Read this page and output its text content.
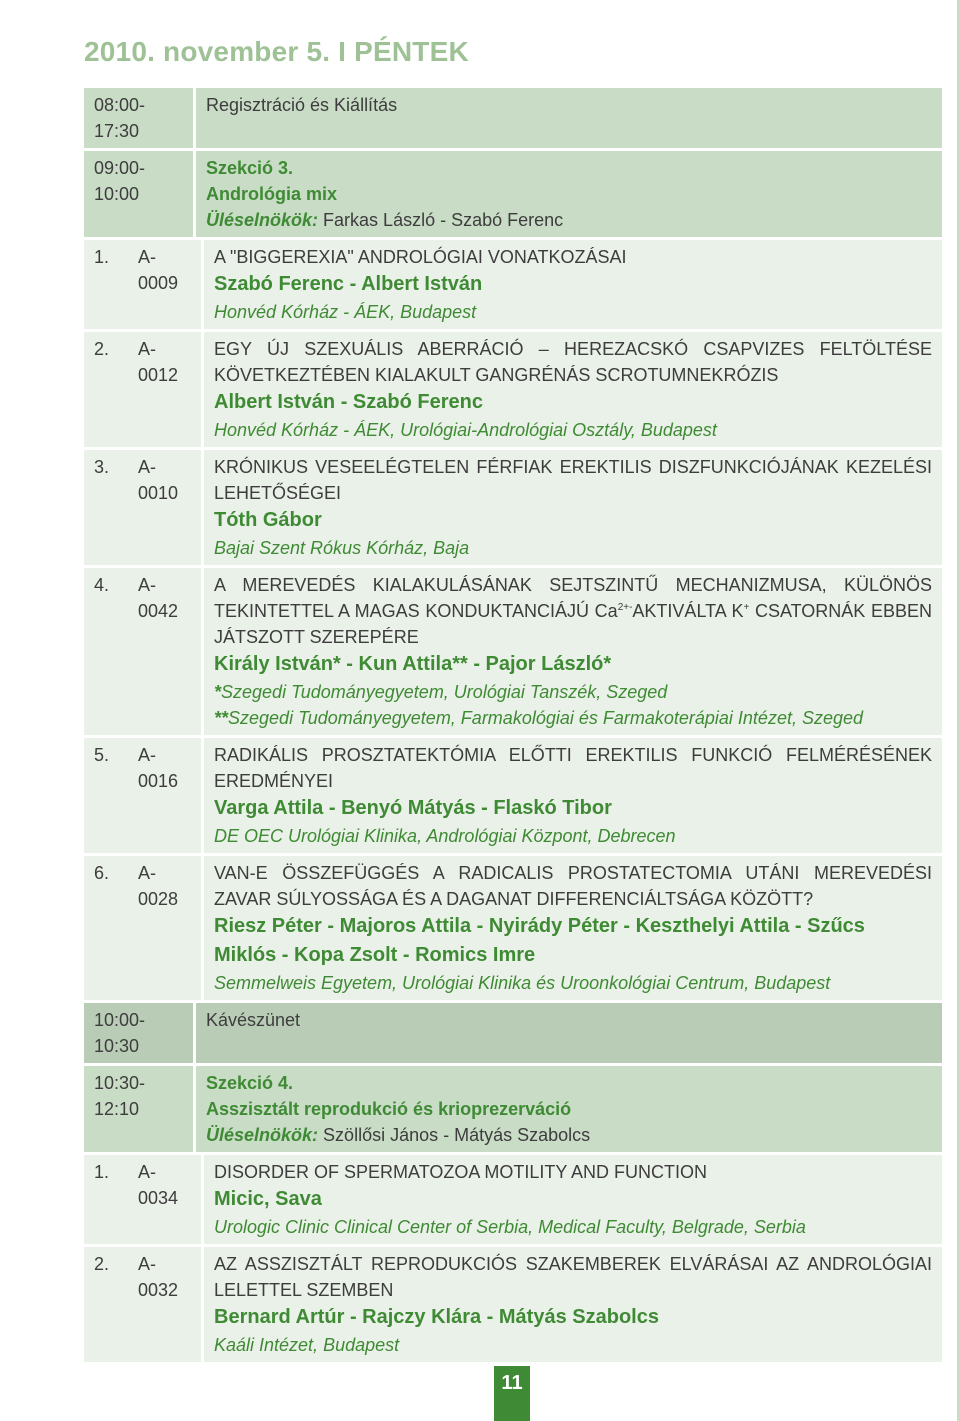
2010. november 5. I PÉNTEK
08:00-17:30
Regisztráció és Kiállítás
09:00-10:00
Szekció 3.
Andrológia mix
Üléselnökök: Farkas László - Szabó Ferenc
1.	A-0009
A "BIGGEREXIA" ANDROLÓGIAI VONATKOZÁSAI
Szabó Ferenc - Albert István
Honvéd Kórház - ÁEK, Budapest
2.	A-0012
EGY ÚJ SZEXUÁLIS ABERRÁCIÓ – HEREZACSKÓ CSAPVIZES FELTÖLTÉSE KÖVETKEZTÉBEN KIALAKULT GANGRÉNÁS SCROTUMNEKRÓZIS
Albert István - Szabó Ferenc
Honvéd Kórház - ÁEK, Urológiai-Andrológiai Osztály, Budapest
3.	A-0010
KRÓNIKUS VESEELÉGTELEN FÉRFIAK EREKTILIS DISZFUNKCIÓJÁNAK KEZELÉSI LEHETŐSÉGEI
Tóth Gábor
Bajai Szent Rókus Kórház, Baja
4.	A-0042
A MEREVEDÉS KIALAKULÁSÁNAK SEJTSZINTŰ MECHANIZMUSA, KÜLÖNÖS TEKINTETTEL A MAGAS KONDUKTANCIÁJÚ $Ca^{2+-}AKTIVÁLTA$ K+ CSATORNÁK EBBEN JÁTSZOTT SZEREPÉRE
Király István* - Kun Attila** - Pajor László*
*Szegedi Tudományegyetem, Urológiai Tanszék, Szeged
**Szegedi Tudományegyetem, Farmakológiai és Farmakoterápiai Intézet, Szeged
5.	A-0016
RADIKÁLIS PROSZTATEKTÓMIA ELŐTTI EREKTILIS FUNKCIÓ FELMÉRÉSÉNEK EREDMÉNYEI
Varga Attila - Benyó Mátyás - Flaskó Tibor
DE OEC Urológiai Klinika, Andrológiai Központ, Debrecen
6.	A-0028
VAN-E ÖSSZEFÜGGÉS A RADICALIS PROSTATECTOMIA UTÁNI MEREVEDÉSI ZAVAR SÚLYOSSÁGA ÉS A DAGANAT DIFFERENCIÁLTSÁGA KÖZÖTT?
Riesz Péter - Majoros Attila - Nyirády Péter - Keszthelyi Attila - Szűcs Miklós - Kopa Zsolt - Romics Imre
Semmelweis Egyetem, Urológiai Klinika és Uroonkológiai Centrum, Budapest
10:00-10:30
Kávészünet
10:30-12:10
Szekció 4.
Asszisztált reprodukció és krioprezerváció
Üléselnökök: Szöllősi János - Mátyás Szabolcs
1.	A-0034
DISORDER OF SPERMATOZOA MOTILITY AND FUNCTION
Micic, Sava
Urologic Clinic Clinical Center of Serbia, Medical Faculty, Belgrade, Serbia
2.	A-0032
AZ ASSZISZTÁLT REPRODUKCIÓS SZAKEMBEREK ELVÁRÁSAI AZ ANDROLÓGIAI LELETTEL SZEMBEN
Bernard Artúr - Rajczy Klára - Mátyás Szabolcs
Kaáli Intézet, Budapest
11
